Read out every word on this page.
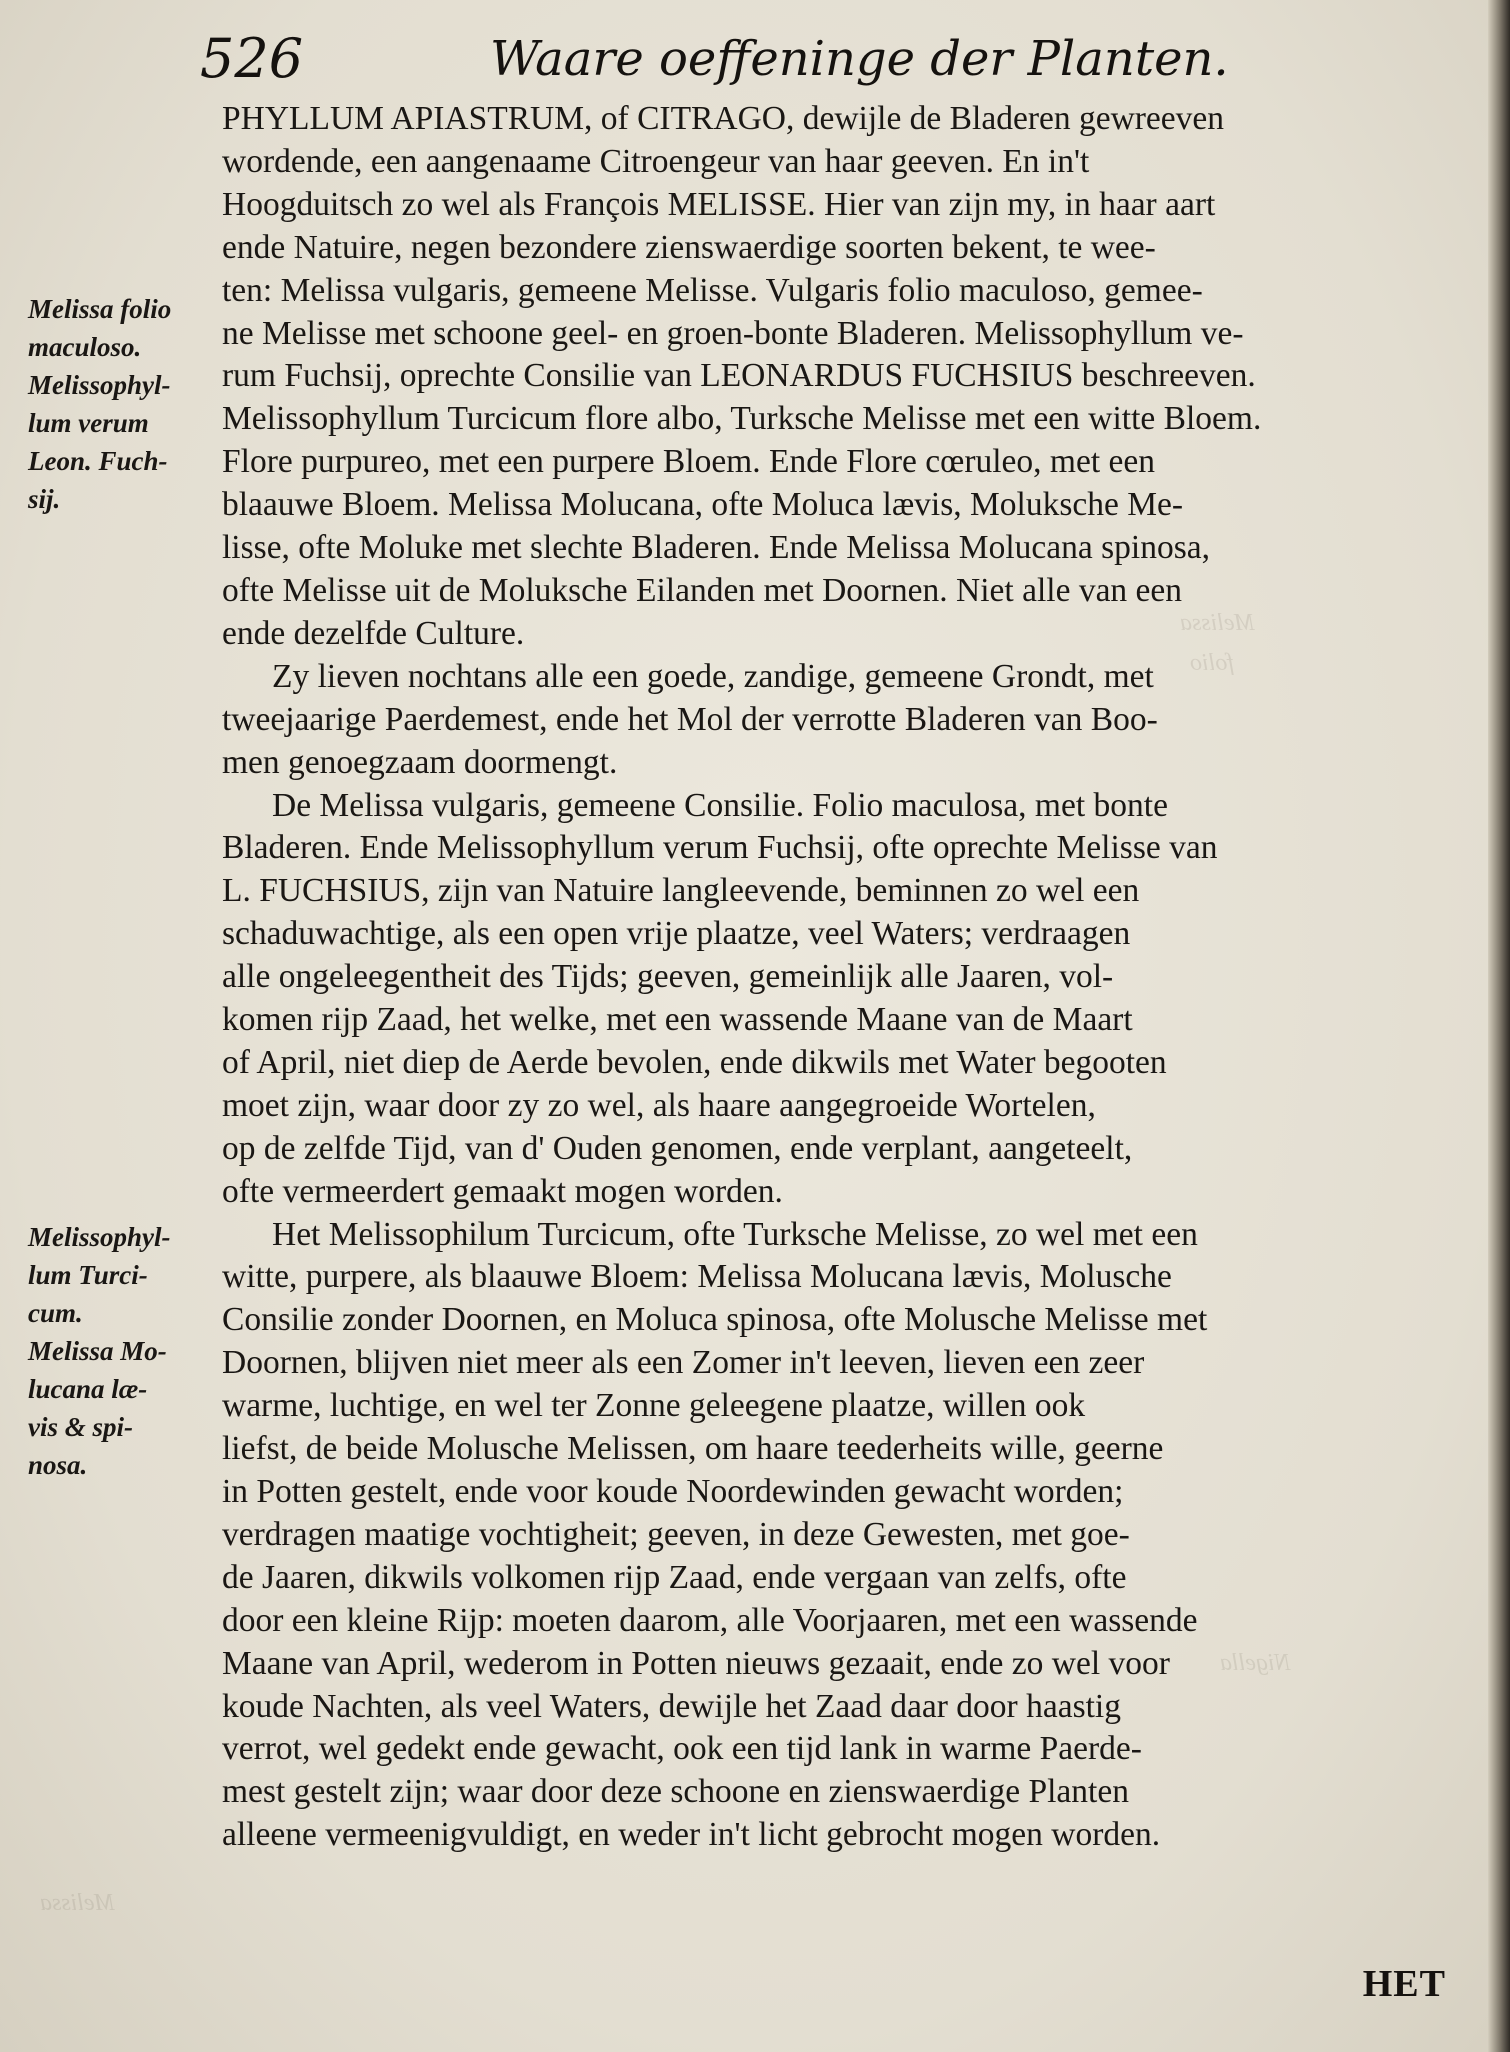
Melissa
folio
Nigella
Melissa
526	Waare oeffeninge der Planten.
Melissa folio
maculoso.
Melissophyl-
lum verum
Leon. Fuch-
sij.
Melissophyl-
lum Turci-
cum.
Melissa Mo-
lucana læ-
vis & spi-
nosa.
PHYLLUM APIASTRUM, of CITRAGO, dewijle de Bladeren gewreeven
wordende, een aangenaame Citroengeur van haar geeven. En in't
Hoogduitsch zo wel als François MELISSE. Hier van zijn my, in haar aart
ende Natuire, negen bezondere zienswaerdige soorten bekent, te wee-
ten: Melissa vulgaris, gemeene Melisse. Vulgaris folio maculoso, gemee-
ne Melisse met schoone geel- en groen-bonte Bladeren. Melissophyllum ve-
rum Fuchsij, oprechte Consilie van LEONARDUS FUCHSIUS beschreeven.
Melissophyllum Turcicum flore albo, Turksche Melisse met een witte Bloem.
Flore purpureo, met een purpere Bloem. Ende Flore cœruleo, met een
blaauwe Bloem. Melissa Molucana, ofte Moluca lævis, Moluksche Me-
lisse, ofte Moluke met slechte Bladeren. Ende Melissa Molucana spinosa,
ofte Melisse uit de Moluksche Eilanden met Doornen. Niet alle van een
ende dezelfde Culture.
Zy lieven nochtans alle een goede, zandige, gemeene Grondt, met
tweejaarige Paerdemest, ende het Mol der verrotte Bladeren van Boo-
men genoegzaam doormengt.
De Melissa vulgaris, gemeene Consilie. Folio maculosa, met bonte
Bladeren. Ende Melissophyllum verum Fuchsij, ofte oprechte Melisse van
L. FUCHSIUS, zijn van Natuire langleevende, beminnen zo wel een
schaduwachtige, als een open vrije plaatze, veel Waters; verdraagen
alle ongeleegentheit des Tijds; geeven, gemeinlijk alle Jaaren, vol-
komen rijp Zaad, het welke, met een wassende Maane van de Maart
of April, niet diep de Aerde bevolen, ende dikwils met Water begooten
moet zijn, waar door zy zo wel, als haare aangegroeide Wortelen,
op de zelfde Tijd, van d' Ouden genomen, ende verplant, aangeteelt,
ofte vermeerdert gemaakt mogen worden.
Het Melissophilum Turcicum, ofte Turksche Melisse, zo wel met een
witte, purpere, als blaauwe Bloem: Melissa Molucana lævis, Molusche
Consilie zonder Doornen, en Moluca spinosa, ofte Molusche Melisse met
Doornen, blijven niet meer als een Zomer in't leeven, lieven een zeer
warme, luchtige, en wel ter Zonne geleegene plaatze, willen ook
liefst, de beide Molusche Melissen, om haare teederheits wille, geerne
in Potten gestelt, ende voor koude Noordewinden gewacht worden;
verdragen maatige vochtigheit; geeven, in deze Gewesten, met goe-
de Jaaren, dikwils volkomen rijp Zaad, ende vergaan van zelfs, ofte
door een kleine Rijp: moeten daarom, alle Voorjaaren, met een wassende
Maane van April, wederom in Potten nieuws gezaait, ende zo wel voor
koude Nachten, als veel Waters, dewijle het Zaad daar door haastig
verrot, wel gedekt ende gewacht, ook een tijd lank in warme Paerde-
mest gestelt zijn; waar door deze schoone en zienswaerdige Planten
alleene vermeenigvuldigt, en weder in't licht gebrocht mogen worden.
HET
